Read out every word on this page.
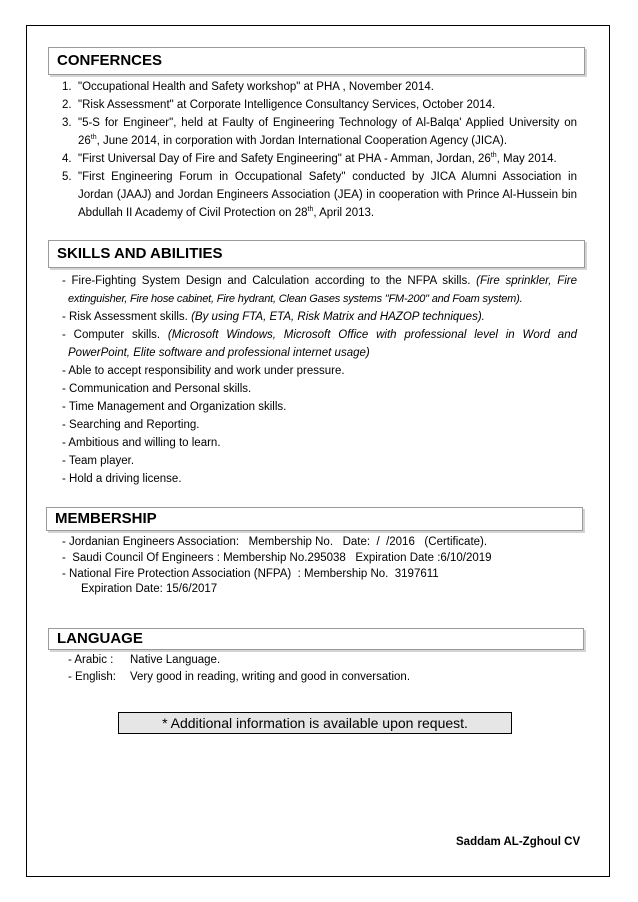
CONFERNCES
1. "Occupational Health and Safety workshop" at PHA , November 2014.
2. "Risk Assessment" at Corporate Intelligence Consultancy Services, October 2014.
3. "5-S for Engineer", held at Faulty of Engineering Technology of Al-Balqa' Applied University on
26th, June 2014, in corporation with Jordan International Cooperation Agency (JICA).
4. "First Universal Day of Fire and Safety Engineering" at PHA - Amman, Jordan, 26th, May 2014.
5. "First Engineering Forum in Occupational Safety" conducted by JICA Alumni Association in
Jordan (JAAJ) and Jordan Engineers Association (JEA) in cooperation with Prince Al-Hussein bin
Abdullah II Academy of Civil Protection on 28th, April 2013.
SKILLS AND ABILITIES
- Fire-Fighting System Design and Calculation according to the NFPA skills. (Fire sprinkler, Fire
extinguisher, Fire hose cabinet, Fire hydrant, Clean Gases systems "FM-200" and Foam system).
- Risk Assessment skills. (By using FTA, ETA, Risk Matrix and HAZOP techniques).
- Computer skills. (Microsoft Windows, Microsoft Office with professional level in Word and
PowerPoint, Elite software and professional internet usage)
- Able to accept responsibility and work under pressure.
- Communication and Personal skills.
- Time Management and Organization skills.
- Searching and Reporting.
- Ambitious and willing to learn.
- Team player.
- Hold a driving license.
MEMBERSHIP
- Jordanian Engineers Association:   Membership No.   Date:  /  /2016   (Certificate).
-  Saudi Council Of Engineers : Membership No.295038   Expiration Date :6/10/2019
- National Fire Protection Association (NFPA)  : Membership No.  3197611
Expiration Date: 15/6/2017
LANGUAGE
- Arabic : Native Language.
- English: Very good in reading, writing and good in conversation.
* Additional information is available upon request.
Saddam AL-Zghoul CV
